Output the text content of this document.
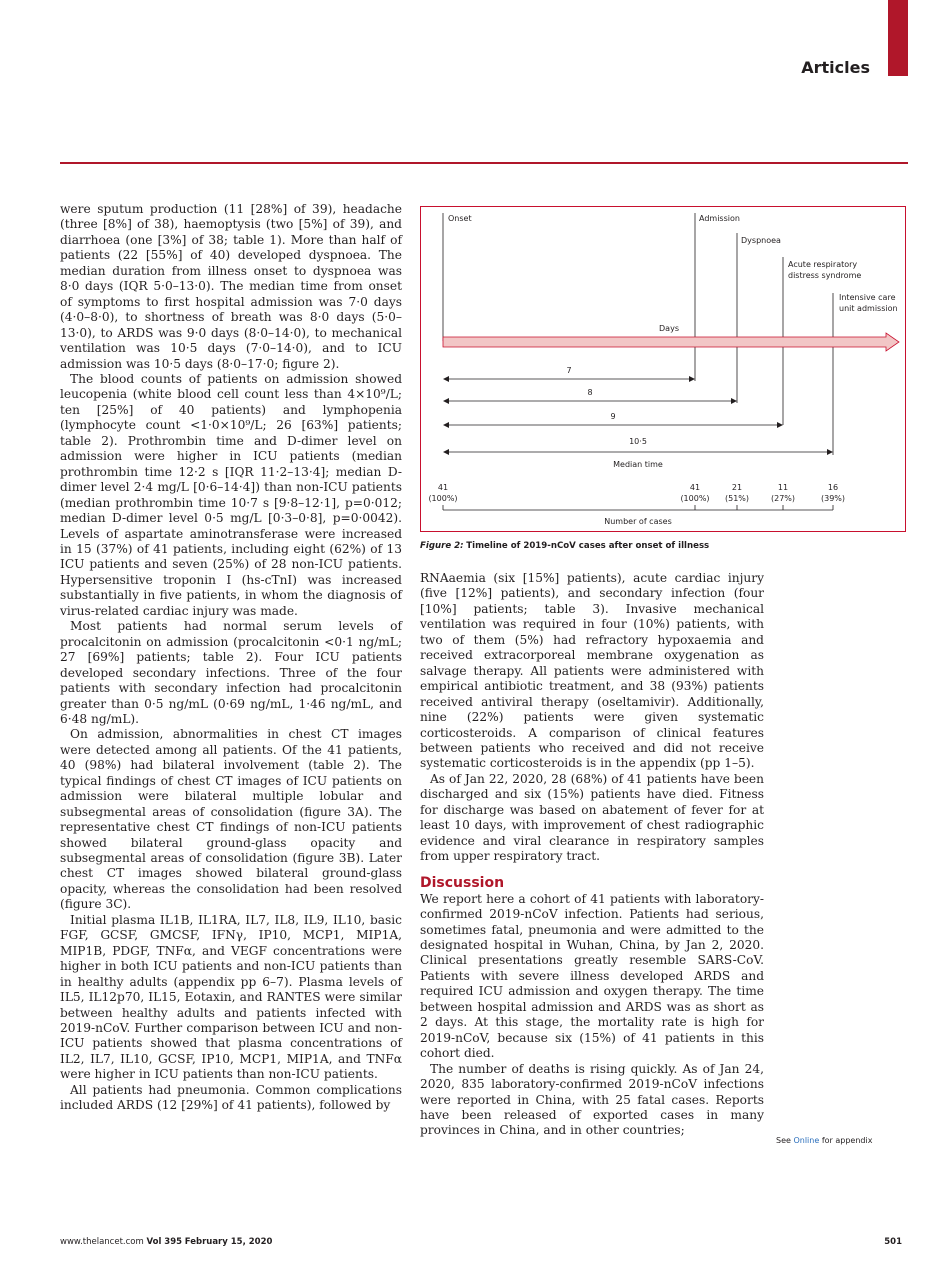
Articles

were sputum production (11 [28%] of 39), headache (three [8%] of 38), haemoptysis (two [5%] of 39), and diarrhoea (one [3%] of 38; table 1). More than half of patients (22 [55%] of 40) developed dyspnoea. The median duration from illness onset to dyspnoea was 8·0 days (IQR 5·0–13·0). The median time from onset of symptoms to first hospital admission was 7·0 days (4·0–8·0), to shortness of breath was 8·0 days (5·0–13·0), to ARDS was 9·0 days (8·0–14·0), to mechanical ventilation was 10·5 days (7·0–14·0), and to ICU admission was 10·5 days (8·0–17·0; figure 2).

The blood counts of patients on admission showed leucopenia (white blood cell count less than 4×10⁹/L; ten [25%] of 40 patients) and lymphopenia (lymphocyte count <1·0×10⁹/L; 26 [63%] patients; table 2). Prothrombin time and D-dimer level on admission were higher in ICU patients (median prothrombin time 12·2 s [IQR 11·2–13·4]; median D-dimer level 2·4 mg/L [0·6–14·4]) than non-ICU patients (median prothrombin time 10·7 s [9·8–12·1], p=0·012; median D-dimer level 0·5 mg/L [0·3–0·8], p=0·0042). Levels of aspartate aminotransferase were increased in 15 (37%) of 41 patients, including eight (62%) of 13 ICU patients and seven (25%) of 28 non-ICU patients. Hypersensitive troponin I (hs-cTnI) was increased substantially in five patients, in whom the diagnosis of virus-related cardiac injury was made.

Most patients had normal serum levels of procalcitonin on admission (procalcitonin <0·1 ng/mL; 27 [69%] patients; table 2). Four ICU patients developed secondary infections. Three of the four patients with secondary infection had procalcitonin greater than 0·5 ng/mL (0·69 ng/mL, 1·46 ng/mL, and 6·48 ng/mL).

On admission, abnormalities in chest CT images were detected among all patients. Of the 41 patients, 40 (98%) had bilateral involvement (table 2). The typical findings of chest CT images of ICU patients on admission were bilateral multiple lobular and subsegmental areas of consolidation (figure 3A). The representative chest CT findings of non-ICU patients showed bilateral ground-glass opacity and subsegmental areas of consolidation (figure 3B). Later chest CT images showed bilateral ground-glass opacity, whereas the consolidation had been resolved (figure 3C).

Initial plasma IL1B, IL1RA, IL7, IL8, IL9, IL10, basic FGF, GCSF, GMCSF, IFNγ, IP10, MCP1, MIP1A, MIP1B, PDGF, TNFα, and VEGF concentrations were higher in both ICU patients and non-ICU patients than in healthy adults (appendix pp 6–7). Plasma levels of IL5, IL12p70, IL15, Eotaxin, and RANTES were similar between healthy adults and patients infected with 2019-nCoV. Further comparison between ICU and non-ICU patients showed that plasma concentrations of IL2, IL7, IL10, GCSF, IP10, MCP1, MIP1A, and TNFα were higher in ICU patients than non-ICU patients.

All patients had pneumonia. Common complications included ARDS (12 [29%] of 41 patients), followed by

Onset	Admission
Dyspnoea
Acute respiratory
distress syndrome
Intensive care
unit admission
Days
7
8
9
10·5
Median time
41
(100%)
41
(100%)
21
(51%)
11
(27%)
16
(39%)
Number of cases
Figure 2: Timeline of 2019-nCoV cases after onset of illness

RNAaemia (six [15%] patients), acute cardiac injury (five [12%] patients), and secondary infection (four [10%] patients; table 3). Invasive mechanical ventilation was required in four (10%) patients, with two of them (5%) had refractory hypoxaemia and received extracorporeal membrane oxygenation as salvage therapy. All patients were administered with empirical antibiotic treatment, and 38 (93%) patients received antiviral therapy (oseltamivir). Additionally, nine (22%) patients were given systematic corticosteroids. A comparison of clinical features between patients who received and did not receive systematic corticosteroids is in the appendix (pp 1–5).

As of Jan 22, 2020, 28 (68%) of 41 patients have been discharged and six (15%) patients have died. Fitness for discharge was based on abatement of fever for at least 10 days, with improvement of chest radiographic evidence and viral clearance in respiratory samples from upper respiratory tract.

Discussion

We report here a cohort of 41 patients with laboratory-confirmed 2019-nCoV infection. Patients had serious, sometimes fatal, pneumonia and were admitted to the designated hospital in Wuhan, China, by Jan 2, 2020. Clinical presentations greatly resemble SARS-CoV. Patients with severe illness developed ARDS and required ICU admission and oxygen therapy. The time between hospital admission and ARDS was as short as 2 days. At this stage, the mortality rate is high for 2019-nCoV, because six (15%) of 41 patients in this cohort died.

The number of deaths is rising quickly. As of Jan 24, 2020, 835 laboratory-confirmed 2019-nCoV infections were reported in China, with 25 fatal cases. Reports have been released of exported cases in many provinces in China, and in other countries;

See Online for appendix
www.thelancet.com Vol 395 February 15, 2020	501
